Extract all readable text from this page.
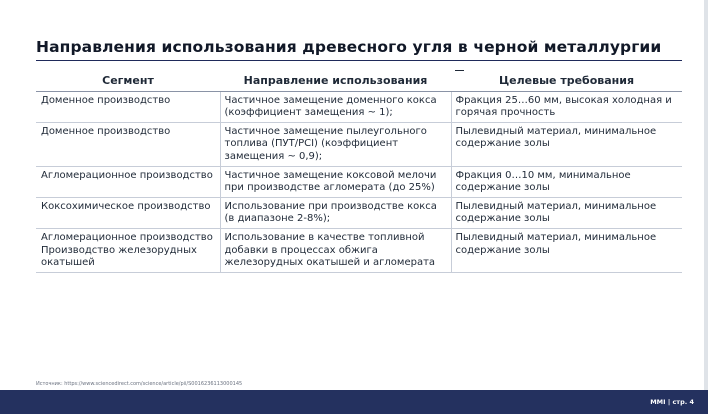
Направления использования древесного угля в черной металлургии
Сегмент	Направление использования	Целевые требования
Доменное производство	Частичное замещение доменного кокса (коэффициент замещения ~ 1);	Фракция 25…60 мм, высокая холодная и горячая прочность
Доменное производство	Частичное замещение пылеугольного топлива (ПУТ/PCI) (коэффициент замещения ~ 0,9);	Пылевидный материал, минимальное содержание золы
Агломерационное производство	Частичное замещение коксовой мелочи при производстве агломерата (до 25%)	Фракция 0…10 мм, минимальное содержание золы
Коксохимическое производство	Использование при производстве кокса (в диапазоне 2-8%);	Пылевидный материал, минимальное содержание золы
Агломерационное производство Производство железорудных окатышей	Использование в качестве топливной добавки в процессах обжига железорудных окатышей и агломерата	Пылевидный материал, минимальное содержание золы
Источник: https://www.sciencedirect.com/science/article/pii/S0016236113000145
MMI | стр. 4
